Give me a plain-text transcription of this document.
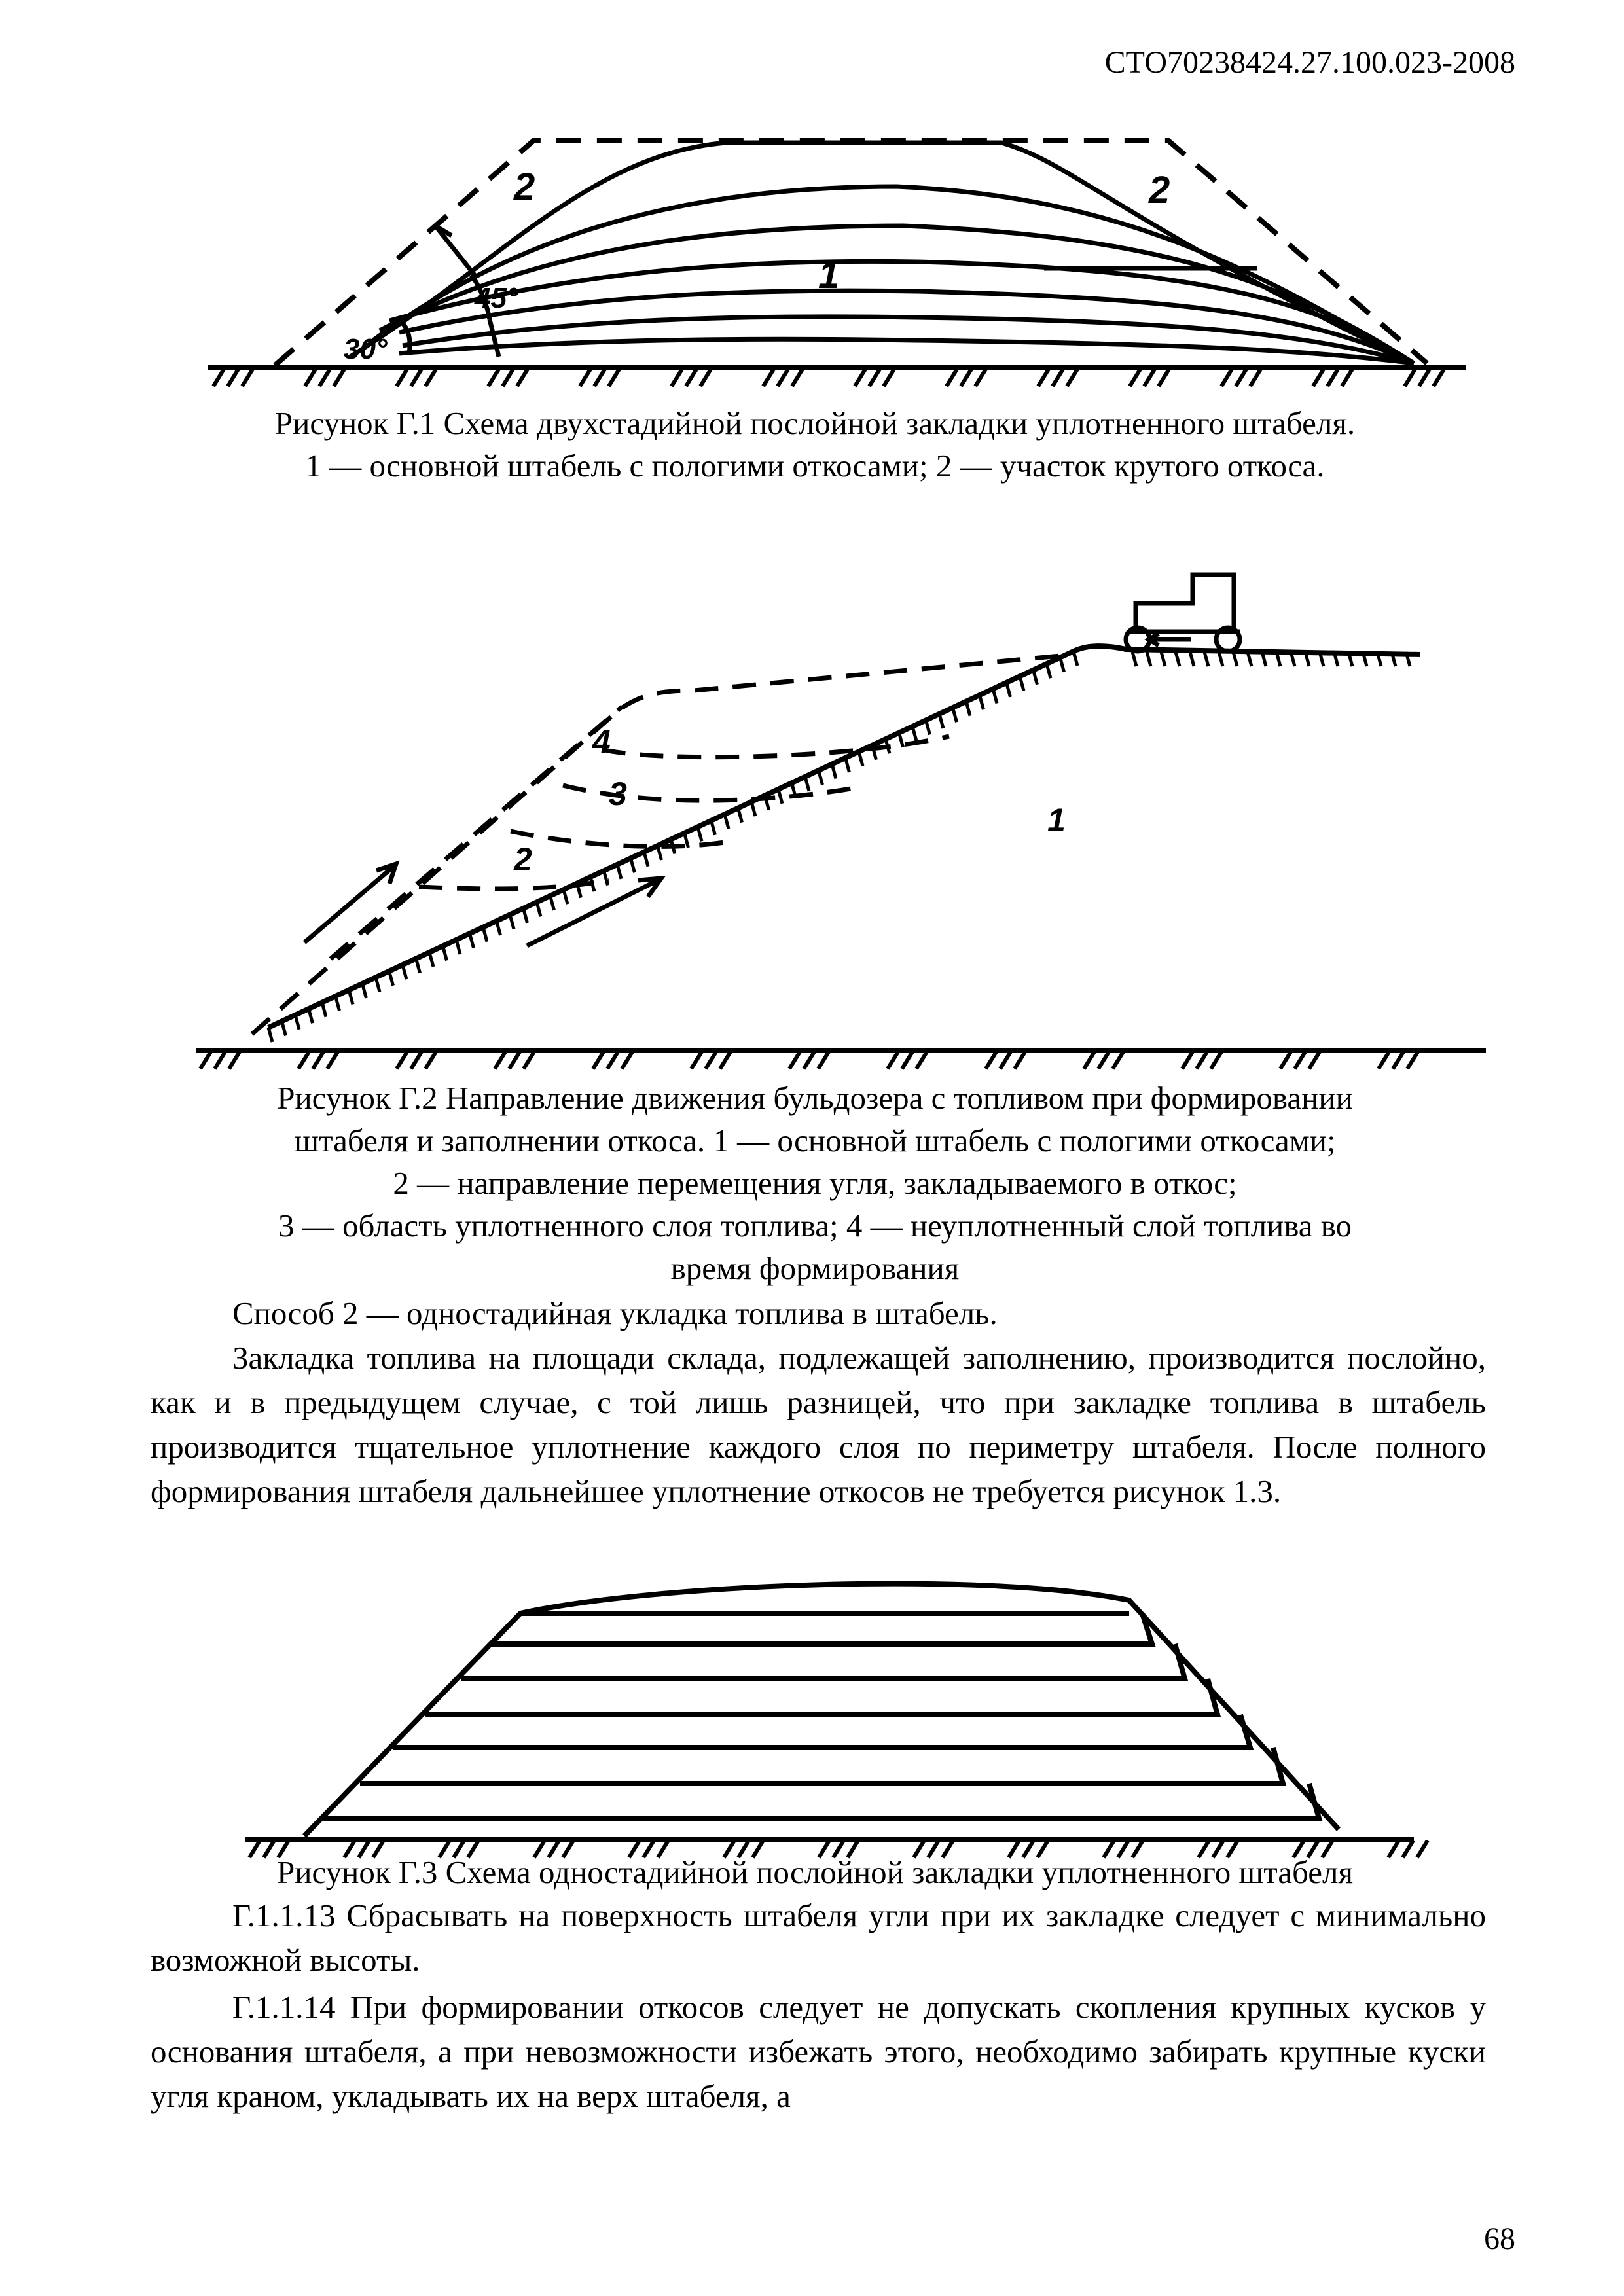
СТО70238424.27.100.023-2008
2	2
1
45°
30°
Рисунок Г.1 Схема двухстадийной послойной закладки уплотненного штабеля.
1 — основной штабель с пологими откосами; 2 — участок крутого откоса.
4
3
2
1
Рисунок Г.2 Направление движения бульдозера с топливом при формировании
штабеля и заполнении откоса. 1 — основной штабель с пологими откосами;
2 — направление перемещения угля, закладываемого в откос;
3 — область уплотненного слоя топлива; 4 — неуплотненный слой топлива во
время формирования
Способ 2 — одностадийная укладка топлива в штабель.
Закладка топлива на площади склада, подлежащей заполнению, производится послойно, как и в предыдущем случае, с той лишь разницей, что при закладке топлива в штабель производится тщательное уплотнение каждого слоя по периметру штабеля. После полного формирования штабеля дальнейшее уплотнение откосов не требуется рисунок 1.3.
Рисунок Г.3 Схема одностадийной послойной закладки уплотненного штабеля
Г.1.1.13 Сбрасывать на поверхность штабеля угли при их закладке следует с минимально возможной высоты.
Г.1.1.14 При формировании откосов следует не допускать скопления крупных кусков у основания штабеля, а при невозможности избежать этого, необходимо забирать крупные куски угля краном, укладывать их на верх штабеля, а
68
